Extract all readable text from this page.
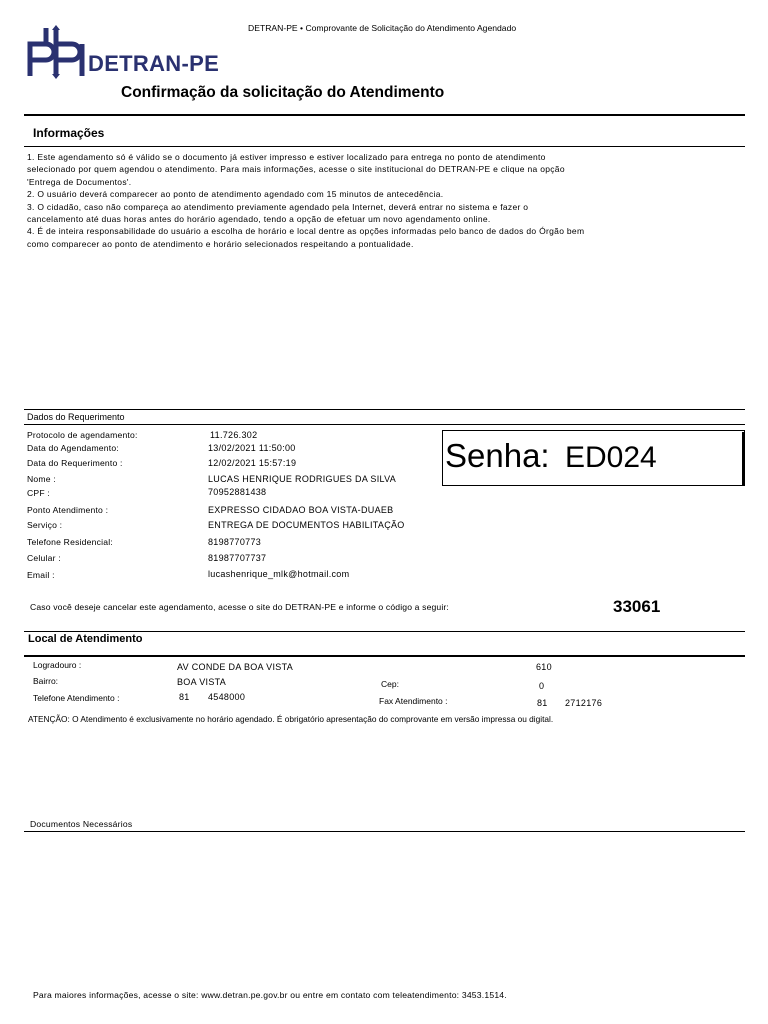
DETRAN-PE • Comprovante de Solicitação do Atendimento Agendado
DETRAN-PE
Confirmação da solicitação do Atendimento
Informações
1. Este agendamento só é válido se o documento já estiver impresso e estiver localizado para entrega no ponto de atendimento
selecionado por quem agendou o atendimento. Para mais informações, acesse o site institucional do DETRAN-PE e clique na opção
'Entrega de Documentos'.
2. O usuário deverá comparecer ao ponto de atendimento agendado com 15 minutos de antecedência.
3. O cidadão, caso não compareça ao atendimento previamente agendado pela Internet, deverá entrar no sistema e fazer o
cancelamento até duas horas antes do horário agendado, tendo a opção de efetuar um novo agendamento online.
4. É de inteira responsabilidade do usuário a escolha de horário e local dentre as opções informadas pelo banco de dados do Órgão bem
como comparecer ao ponto de atendimento e horário selecionados respeitando a pontualidade.
Dados do Requerimento
Protocolo de agendamento:	11.726.302
Data do Agendamento:	13/02/2021 11:50:00
Data do Requerimento :	12/02/2021 15:57:19
Nome :	LUCAS HENRIQUE RODRIGUES DA SILVA
CPF :	70952881438
Ponto Atendimento :	EXPRESSO CIDADAO BOA VISTA-DUAEB
Serviço :	ENTREGA DE DOCUMENTOS HABILITAÇÃO
Telefone Residencial:	8198770773
Celular :	81987707737
Email :	lucashenrique_mlk@hotmail.com
Senha: ED024
Caso você deseje cancelar este agendamento, acesse o site do DETRAN-PE e informe o código a seguir:	33061
Local de Atendimento
Logradouro :	AV CONDE DA BOA VISTA	610
Bairro:	BOA VISTA	Cep:	0
Telefone Atendimento :	81 4548000	Fax Atendimento :	81 2712176
ATENÇÃO: O Atendimento é exclusivamente no horário agendado. É obrigatório apresentação do comprovante em versão impressa ou digital.
Documentos Necessários
Para maiores informações, acesse o site: www.detran.pe.gov.br ou entre em contato com teleatendimento: 3453.1514.
